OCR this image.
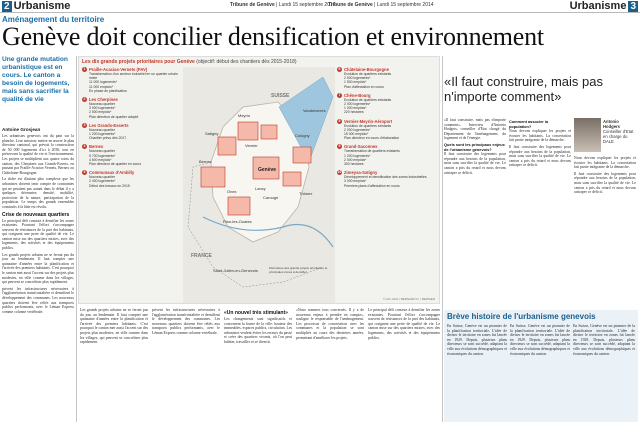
2 Urbanisme	Tribune de Genève | Lundi 15 septembre 2014
Tribune de Genève | Lundi 15 septembre 2014	Urbanisme 3
Aménagement du territoire
Genève doit concilier densification et environnement
Une grande mutation urbanistique est en cours. Le canton a besoin de logements, mais sans sacrifier la qualité de vie
Antoine Grosjean

Les urbanistes genevois ont du pain sur la planche. Leur mission: mettre en œuvre le plan directeur cantonal, qui prévoit la construction de 50 000 logements d'ici à 2030, tout en préservant la qualité de vie et l'environnement. Les projets se multiplient aux quatre coins du canton, des Cherpines aux Grands-Esserts, en passant par Praille-Acacias-Vernets, Bernex ou Châtelaine-Bourgogne.

La tâche est d'autant plus complexe que les urbanistes doivent tenir compte de contraintes qui ne pesaient pas autant dans le débat il y a quelques décennies: densité, mobilité, protection de la nature, participation de la population. Le temps des grands ensembles construits à la hâte est révolu.

Crise de nouveaux quartiers

Le principal défi consiste à densifier les zones existantes. Pourtant l'effort s'accompagne souvent de résistances de la part des habitants, qui craignent une perte de qualité de vie. Le canton mise sur des quartiers mixtes, avec des logements, des activités et des équipements publics.

Les grands projets urbains ne se feront pas du jour au lendemain. Il faut compter une quinzaine d'années entre la planification et l'arrivée des premiers habitants. C'est pourquoi le canton met aussi l'accent sur des projets plus modestes, en ville comme dans les villages, qui peuvent se concrétiser plus rapidement.

privent les infrastructures nécessaires à l'agglomération transfrontalière et densifient le développement des communes. Les nouveaux quartiers doivent être reliés aux transports publics performants, avec le Léman Express comme colonne vertébrale.

Les dix grands projets prioritaires pour Genève (objectif: début des chantiers dès 2015-2018)
1 Praille-Acacias-Vernets (PAV)
Transformation d'un secteur industriel en un quartier urbain mixte
11 000 logements*
11 000 emplois*
En phase de planification
2 Les Cherpines
Nouveau quartier
3 000 logements*
2 500 emplois*
Plan directeur de quartier adopté
3 Les Grands-Esserts
Nouveau quartier
1 200 logements*
Chantier prévu dès 2017
4 Bernex
Nouveau quartier
5 700 logements*
4 600 emplois*
Plan directeur de quartier en cours
5 Communaux d'Ambilly
Nouveau quartier
2 400 logements*
Début des travaux en 2015
Genève
Meyrin
Vernier
Satigny
Lancy
Onex
Bernex
Carouge
Plan-les-Ouates
Cologny
Vandœuvres
Thônex
Saint-Julien-en-Genevois
FRANCE
SUISSE
6 Châtelaine-Bourgogne
Evolution de quartiers existants
2 000 logements*
1 500 emplois*
Plan d'affectation en cours
7 Chêne-Bourg
Evolution de quartiers existants
2 000 logements*
1 000 emplois*
220 hectares
8 Vernier-Meyrin-Aéroport
Evolution de quartiers existants
2 000 logements*
15 000 emplois*
Plan directeur en cours d'élaboration
9 Grand-Saconnex
Transformation de quartiers existants
1 200 logements*
2 000 emplois*
300 hectares
10 Zimeysa-Satigny
Développement et densification des zones industrielles
3 000 emplois*
Premiers plans d'affectation en cours
Périmètres des grands projets prioritaires et principales zones à densifier
© AIC-ACG / BERNARD D. / BERSIER

Les grands projets urbains ne se feront pas du jour au lendemain. Il faut compter une quinzaine d'années entre la planification et l'arrivée des premiers habitants. C'est pourquoi le canton met aussi l'accent sur des projets plus modestes, en ville comme dans les villages, qui peuvent se concrétiser plus rapidement.

privent les infrastructures nécessaires à l'agglomération transfrontalière et densifient le développement des communes. Les nouveaux quartiers doivent être reliés aux transports publics performants, avec le Léman Express comme colonne vertébrale.

«Un nouvel très stimulant»

Les changements sont significatifs et concernent la forme de la ville: hauteur des immeubles, espaces publics, circulation. Les urbanistes veulent éviter les erreurs du passé et créer des quartiers vivants, où l'on peut habiter, travailler et se divertir.

«Nous sommes tous concernés. Il y a de nouveaux enjeux à prendre en compte», souligne le responsable de l'aménagement. Les processus de concertation avec les communes et la population se sont multipliés au cours des dernières années, permettant d'améliorer les projets.

Le principal défi consiste à densifier les zones existantes. Pourtant l'effort s'accompagne souvent de résistances de la part des habitants, qui craignent une perte de qualité de vie. Le canton mise sur des quartiers mixtes, avec des logements, des activités et des équipements publics.

«Il faut construire, mais pas n'importe comment»
Antonio Hodgers
Conseiller d'Etat en charge du DALE

«Il faut construire, mais pas n'importe comment». Interview d'Antonio Hodgers, conseiller d'Etat chargé du Département de l'aménagement, du logement et de l'énergie.

Quels sont les principaux enjeux de l'urbanisme genevois?

Il faut construire des logements pour répondre aux besoins de la population, mais sans sacrifier la qualité de vie. Le canton a pris du retard et nous devons rattraper ce déficit.

Comment associer la population?

Nous devons expliquer les projets et écouter les habitants. La concertation fait partie intégrante de la démarche.

Il faut construire des logements pour répondre aux besoins de la population, mais sans sacrifier la qualité de vie. Le canton a pris du retard et nous devons rattraper ce déficit.

Nous devons expliquer les projets et écouter les habitants. La concertation fait partie intégrante de la démarche.

Il faut construire des logements pour répondre aux besoins de la population, mais sans sacrifier la qualité de vie. Le canton a pris du retard et nous devons rattraper ce déficit.

Brève histoire de l'urbanisme genevois

En Suisse, Genève est un pionnier de la planification territoriale. L'idée de diviser le territoire en zones fut lancée en 1929. Depuis, plusieurs plans directeurs se sont succédé, adaptant la ville aux évolutions démographiques et économiques du canton.

En Suisse, Genève est un pionnier de la planification territoriale. L'idée de diviser le territoire en zones fut lancée en 1929. Depuis, plusieurs plans directeurs se sont succédé, adaptant la ville aux évolutions démographiques et économiques du canton.

En Suisse, Genève est un pionnier de la planification territoriale. L'idée de diviser le territoire en zones fut lancée en 1929. Depuis, plusieurs plans directeurs se sont succédé, adaptant la ville aux évolutions démographiques et économiques du canton.
